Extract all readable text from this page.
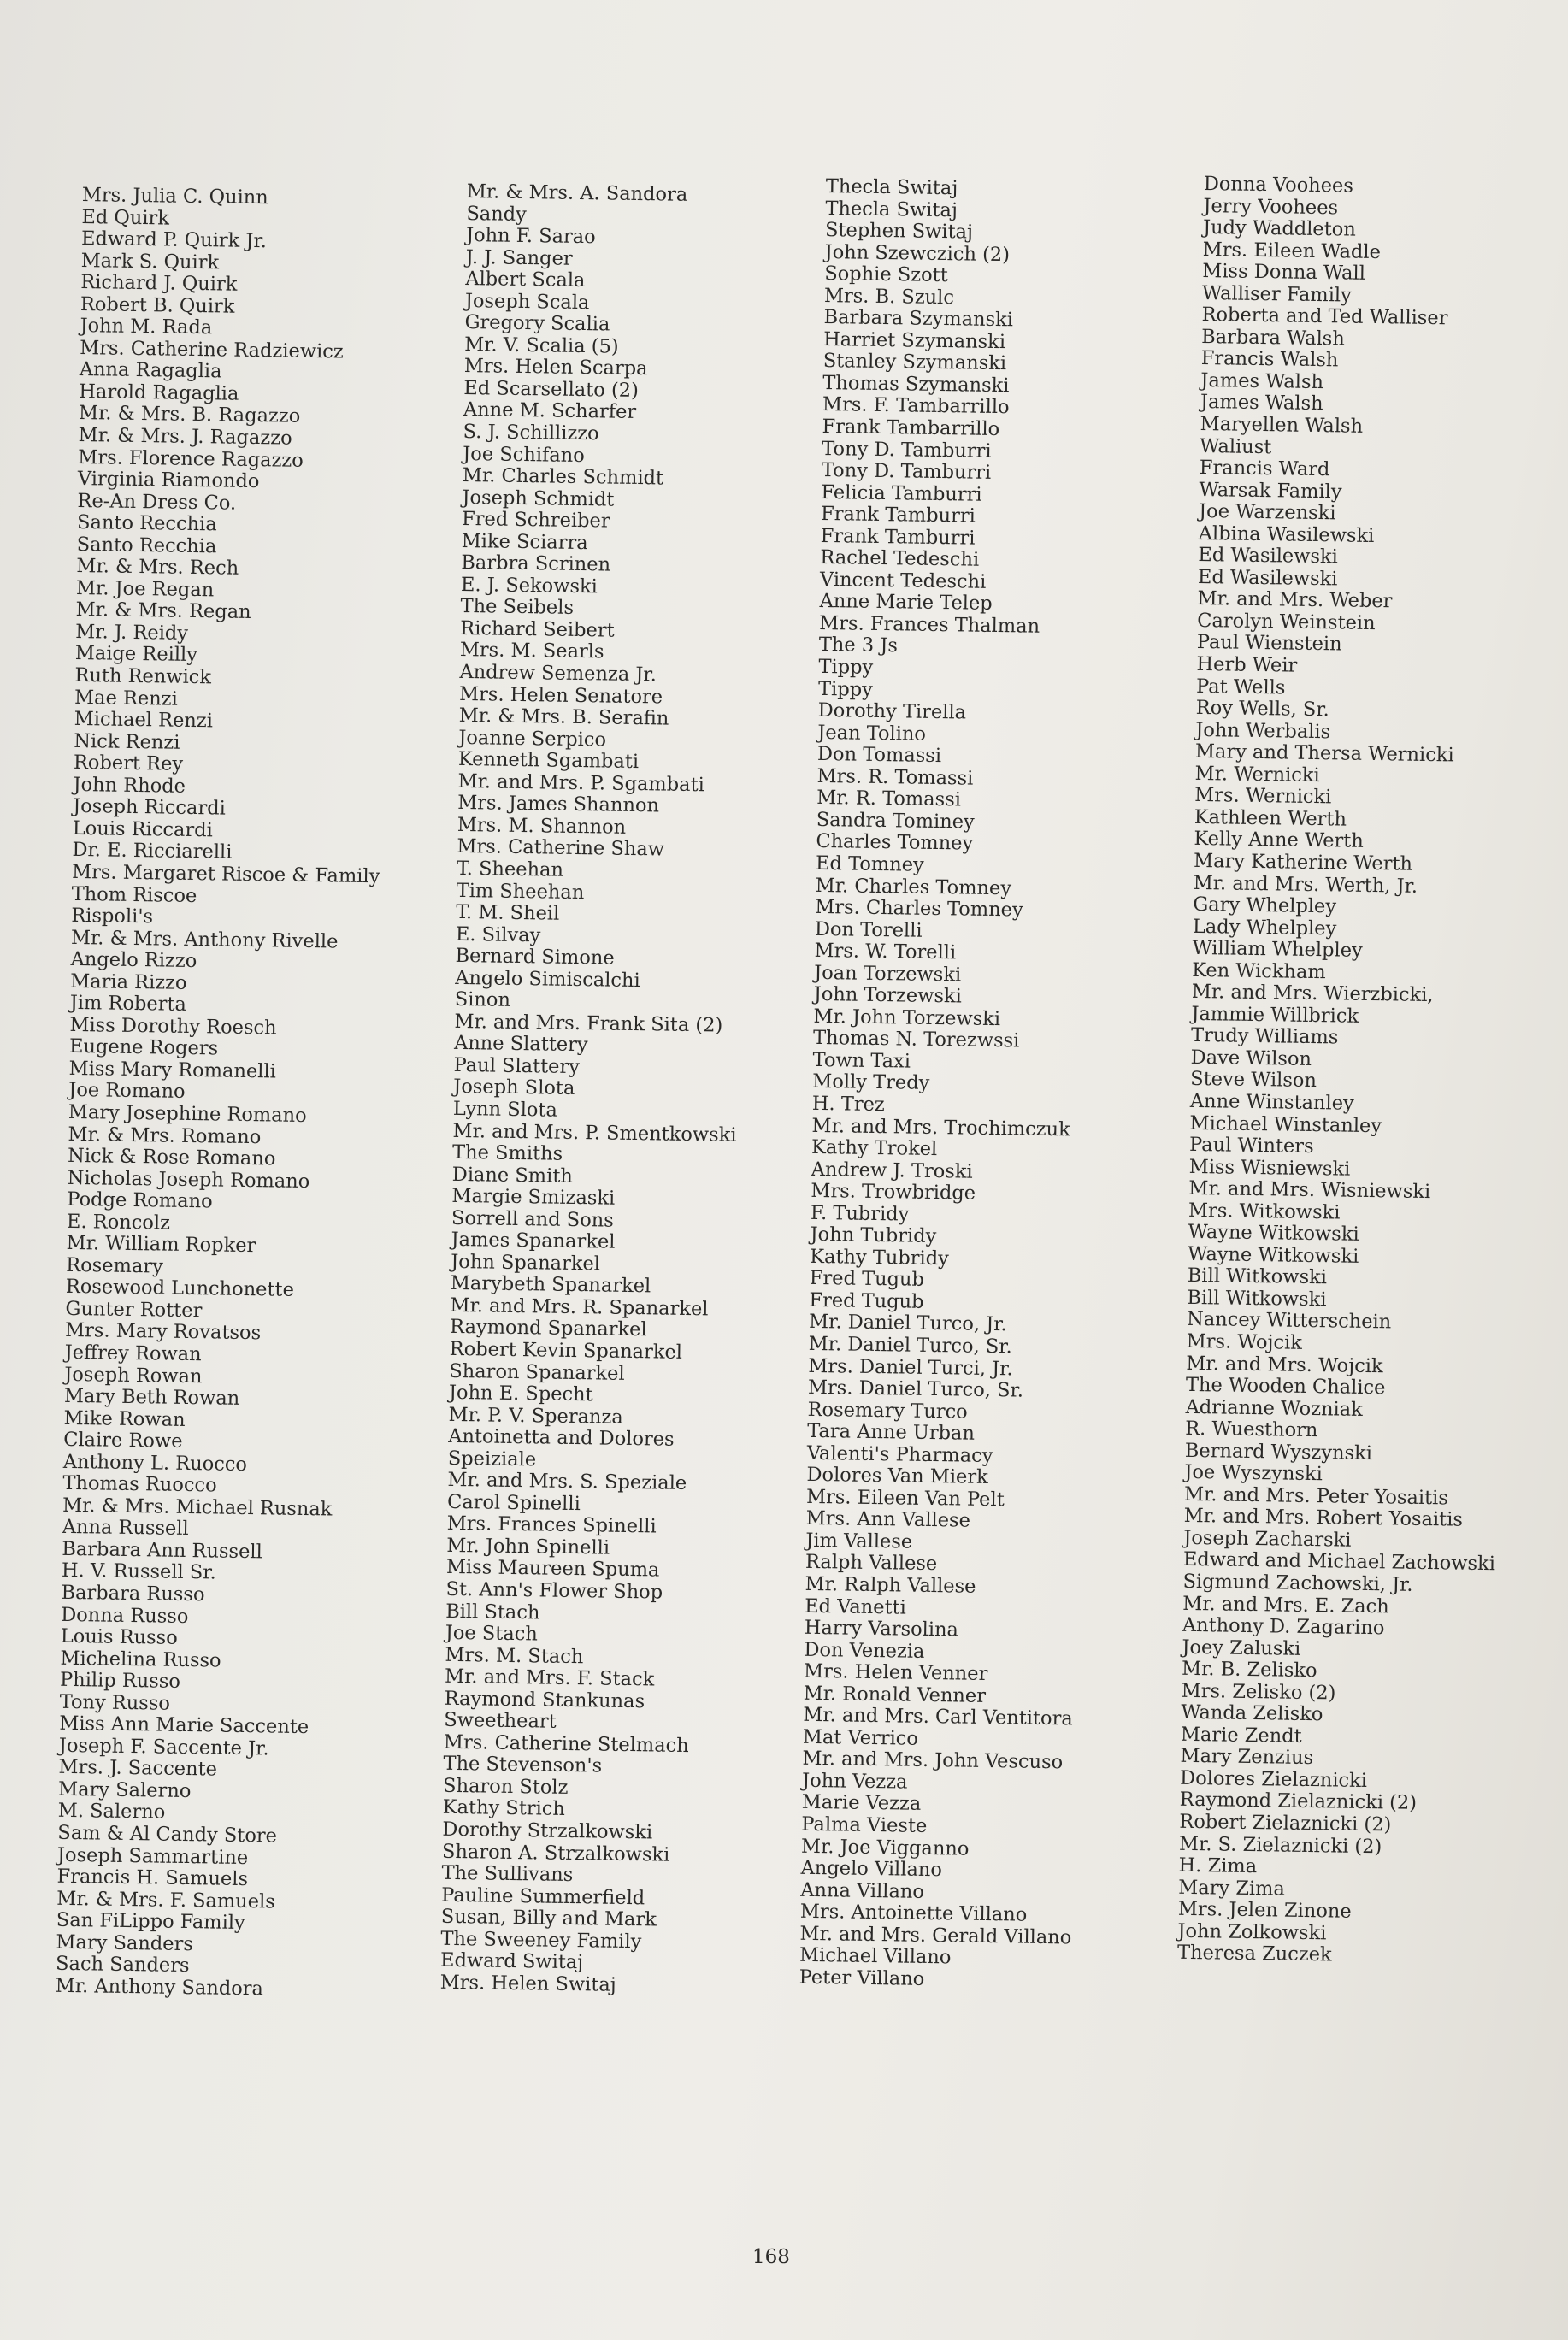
Mrs. Julia C. Quinn
Ed Quirk
Edward P. Quirk Jr.
Mark S. Quirk
Richard J. Quirk
Robert B. Quirk
John M. Rada
Mrs. Catherine Radziewicz
Anna Ragaglia
Harold Ragaglia
Mr. & Mrs. B. Ragazzo
Mr. & Mrs. J. Ragazzo
Mrs. Florence Ragazzo
Virginia Riamondo
Re-An Dress Co.
Santo Recchia
Santo Recchia
Mr. & Mrs. Rech
Mr. Joe Regan
Mr. & Mrs. Regan
Mr. J. Reidy
Maige Reilly
Ruth Renwick
Mae Renzi
Michael Renzi
Nick Renzi
Robert Rey
John Rhode
Joseph Riccardi
Louis Riccardi
Dr. E. Ricciarelli
Mrs. Margaret Riscoe & Family
Thom Riscoe
Rispoli's
Mr. & Mrs. Anthony Rivelle
Angelo Rizzo
Maria Rizzo
Jim Roberta
Miss Dorothy Roesch
Eugene Rogers
Miss Mary Romanelli
Joe Romano
Mary Josephine Romano
Mr. & Mrs. Romano
Nick & Rose Romano
Nicholas Joseph Romano
Podge Romano
E. Roncolz
Mr. William Ropker
Rosemary
Rosewood Lunchonette
Gunter Rotter
Mrs. Mary Rovatsos
Jeffrey Rowan
Joseph Rowan
Mary Beth Rowan
Mike Rowan
Claire Rowe
Anthony L. Ruocco
Thomas Ruocco
Mr. & Mrs. Michael Rusnak
Anna Russell
Barbara Ann Russell
H. V. Russell Sr.
Barbara Russo
Donna Russo
Louis Russo
Michelina Russo
Philip Russo
Tony Russo
Miss Ann Marie Saccente
Joseph F. Saccente Jr.
Mrs. J. Saccente
Mary Salerno
M. Salerno
Sam & Al Candy Store
Joseph Sammartine
Francis H. Samuels
Mr. & Mrs. F. Samuels
San FiLippo Family
Mary Sanders
Sach Sanders
Mr. Anthony Sandora
Mr. & Mrs. A. Sandora
Sandy
John F. Sarao
J. J. Sanger
Albert Scala
Joseph Scala
Gregory Scalia
Mr. V. Scalia (5)
Mrs. Helen Scarpa
Ed Scarsellato (2)
Anne M. Scharfer
S. J. Schillizzo
Joe Schifano
Mr. Charles Schmidt
Joseph Schmidt
Fred Schreiber
Mike Sciarra
Barbra Scrinen
E. J. Sekowski
The Seibels
Richard Seibert
Mrs. M. Searls
Andrew Semenza Jr.
Mrs. Helen Senatore
Mr. & Mrs. B. Serafin
Joanne Serpico
Kenneth Sgambati
Mr. and Mrs. P. Sgambati
Mrs. James Shannon
Mrs. M. Shannon
Mrs. Catherine Shaw
T. Sheehan
Tim Sheehan
T. M. Sheil
E. Silvay
Bernard Simone
Angelo Simiscalchi
Sinon
Mr. and Mrs. Frank Sita (2)
Anne Slattery
Paul Slattery
Joseph Slota
Lynn Slota
Mr. and Mrs. P. Smentkowski
The Smiths
Diane Smith
Margie Smizaski
Sorrell and Sons
James Spanarkel
John Spanarkel
Marybeth Spanarkel
Mr. and Mrs. R. Spanarkel
Raymond Spanarkel
Robert Kevin Spanarkel
Sharon Spanarkel
John E. Specht
Mr. P. V. Speranza
Antoinetta and Dolores
Speiziale
Mr. and Mrs. S. Speziale
Carol Spinelli
Mrs. Frances Spinelli
Mr. John Spinelli
Miss Maureen Spuma
St. Ann's Flower Shop
Bill Stach
Joe Stach
Mrs. M. Stach
Mr. and Mrs. F. Stack
Raymond Stankunas
Sweetheart
Mrs. Catherine Stelmach
The Stevenson's
Sharon Stolz
Kathy Strich
Dorothy Strzalkowski
Sharon A. Strzalkowski
The Sullivans
Pauline Summerfield
Susan, Billy and Mark
The Sweeney Family
Edward Switaj
Mrs. Helen Switaj
Thecla Switaj
Thecla Switaj
Stephen Switaj
John Szewczich (2)
Sophie Szott
Mrs. B. Szulc
Barbara Szymanski
Harriet Szymanski
Stanley Szymanski
Thomas Szymanski
Mrs. F. Tambarrillo
Frank Tambarrillo
Tony D. Tamburri
Tony D. Tamburri
Felicia Tamburri
Frank Tamburri
Frank Tamburri
Rachel Tedeschi
Vincent Tedeschi
Anne Marie Telep
Mrs. Frances Thalman
The 3 Js
Tippy
Tippy
Dorothy Tirella
Jean Tolino
Don Tomassi
Mrs. R. Tomassi
Mr. R. Tomassi
Sandra Tominey
Charles Tomney
Ed Tomney
Mr. Charles Tomney
Mrs. Charles Tomney
Don Torelli
Mrs. W. Torelli
Joan Torzewski
John Torzewski
Mr. John Torzewski
Thomas N. Torezwssi
Town Taxi
Molly Tredy
H. Trez
Mr. and Mrs. Trochimczuk
Kathy Trokel
Andrew J. Troski
Mrs. Trowbridge
F. Tubridy
John Tubridy
Kathy Tubridy
Fred Tugub
Fred Tugub
Mr. Daniel Turco, Jr.
Mr. Daniel Turco, Sr.
Mrs. Daniel Turci, Jr.
Mrs. Daniel Turco, Sr.
Rosemary Turco
Tara Anne Urban
Valenti's Pharmacy
Dolores Van Mierk
Mrs. Eileen Van Pelt
Mrs. Ann Vallese
Jim Vallese
Ralph Vallese
Mr. Ralph Vallese
Ed Vanetti
Harry Varsolina
Don Venezia
Mrs. Helen Venner
Mr. Ronald Venner
Mr. and Mrs. Carl Ventitora
Mat Verrico
Mr. and Mrs. John Vescuso
John Vezza
Marie Vezza
Palma Vieste
Mr. Joe Vigganno
Angelo Villano
Anna Villano
Mrs. Antoinette Villano
Mr. and Mrs. Gerald Villano
Michael Villano
Peter Villano
Donna Voohees
Jerry Voohees
Judy Waddleton
Mrs. Eileen Wadle
Miss Donna Wall
Walliser Family
Roberta and Ted Walliser
Barbara Walsh
Francis Walsh
James Walsh
James Walsh
Maryellen Walsh
Waliust
Francis Ward
Warsak Family
Joe Warzenski
Albina Wasilewski
Ed Wasilewski
Ed Wasilewski
Mr. and Mrs. Weber
Carolyn Weinstein
Paul Wienstein
Herb Weir
Pat Wells
Roy Wells, Sr.
John Werbalis
Mary and Thersa Wernicki
Mr. Wernicki
Mrs. Wernicki
Kathleen Werth
Kelly Anne Werth
Mary Katherine Werth
Mr. and Mrs. Werth, Jr.
Gary Whelpley
Lady Whelpley
William Whelpley
Ken Wickham
Mr. and Mrs. Wierzbicki,
Jammie Willbrick
Trudy Williams
Dave Wilson
Steve Wilson
Anne Winstanley
Michael Winstanley
Paul Winters
Miss Wisniewski
Mr. and Mrs. Wisniewski
Mrs. Witkowski
Wayne Witkowski
Wayne Witkowski
Bill Witkowski
Bill Witkowski
Nancey Witterschein
Mrs. Wojcik
Mr. and Mrs. Wojcik
The Wooden Chalice
Adrianne Wozniak
R. Wuesthorn
Bernard Wyszynski
Joe Wyszynski
Mr. and Mrs. Peter Yosaitis
Mr. and Mrs. Robert Yosaitis
Joseph Zacharski
Edward and Michael Zachowski
Sigmund Zachowski, Jr.
Mr. and Mrs. E. Zach
Anthony D. Zagarino
Joey Zaluski
Mr. B. Zelisko
Mrs. Zelisko (2)
Wanda Zelisko
Marie Zendt
Mary Zenzius
Dolores Zielaznicki
Raymond Zielaznicki (2)
Robert Zielaznicki (2)
Mr. S. Zielaznicki (2)
H. Zima
Mary Zima
Mrs. Jelen Zinone
John Zolkowski
Theresa Zuczek
168
